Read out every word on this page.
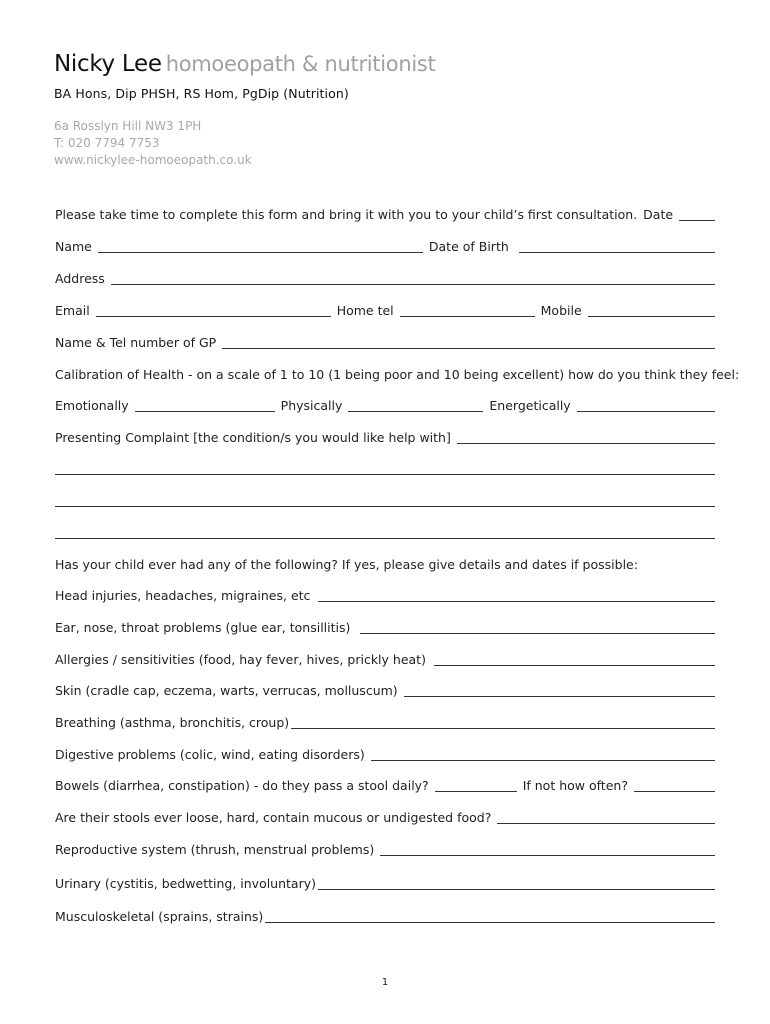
Nicky Lee homoeopath & nutritionist
BA Hons, Dip PHSH, RS Hom, PgDip (Nutrition)
6a Rosslyn Hill NW3 1PH
T: 020 7794 7753
www.nickylee-homoeopath.co.uk
Please take time to complete this form and bring it with you to your child’s first consultation. Date
Name	Date of Birth
Address
Email	Home tel	Mobile
Name & Tel number of GP
Calibration of Health - on a scale of 1 to 10 (1 being poor and 10 being excellent) how do you think they feel:
Emotionally	Physically	Energetically
Presenting Complaint [the condition/s you would like help with]
Has your child ever had any of the following? If yes, please give details and dates if possible:
Head injuries, headaches, migraines, etc
Ear, nose, throat problems (glue ear, tonsillitis)
Allergies / sensitivities (food, hay fever, hives, prickly heat)
Skin (cradle cap, eczema, warts, verrucas, molluscum)
Breathing (asthma, bronchitis, croup)
Digestive problems (colic, wind, eating disorders)
Bowels (diarrhea, constipation) - do they pass a stool daily?	If not how often?
Are their stools ever loose, hard, contain mucous or undigested food?
Reproductive system (thrush, menstrual problems)
Urinary (cystitis, bedwetting, involuntary)
Musculoskeletal (sprains, strains)
1
